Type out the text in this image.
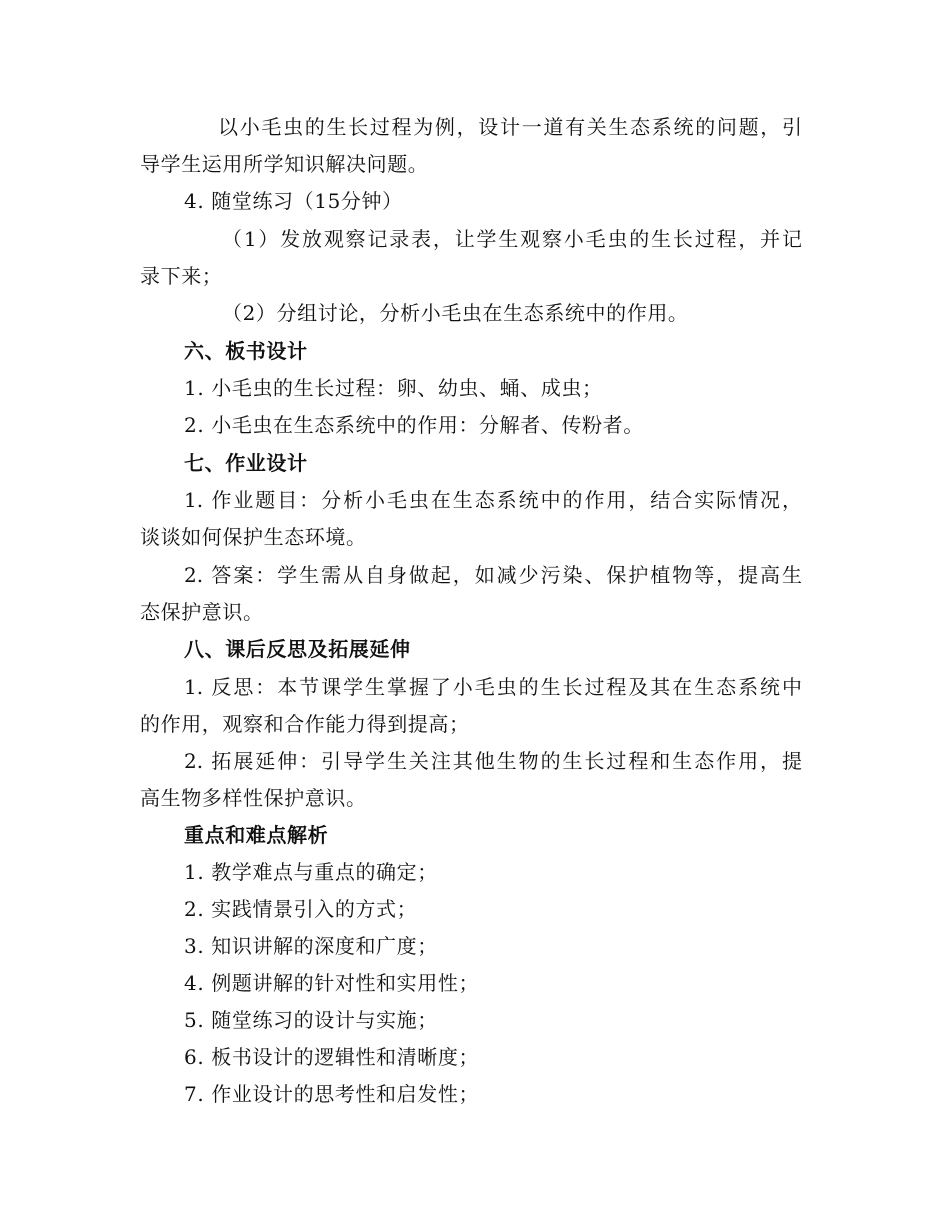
以小毛虫的生长过程为例，设计一道有关生态系统的问题，引
导学生运用所学知识解决问题。
4. 随堂练习（15分钟）
（1）发放观察记录表，让学生观察小毛虫的生长过程，并记
录下来；
（2）分组讨论，分析小毛虫在生态系统中的作用。
六、板书设计
1. 小毛虫的生长过程：卵、幼虫、蛹、成虫；
2. 小毛虫在生态系统中的作用：分解者、传粉者。
七、作业设计
1. 作业题目：分析小毛虫在生态系统中的作用，结合实际情况，
谈谈如何保护生态环境。
2. 答案：学生需从自身做起，如减少污染、保护植物等，提高生
态保护意识。
八、课后反思及拓展延伸
1. 反思：本节课学生掌握了小毛虫的生长过程及其在生态系统中
的作用，观察和合作能力得到提高；
2. 拓展延伸：引导学生关注其他生物的生长过程和生态作用，提
高生物多样性保护意识。
重点和难点解析
1. 教学难点与重点的确定；
2. 实践情景引入的方式；
3. 知识讲解的深度和广度；
4. 例题讲解的针对性和实用性；
5. 随堂练习的设计与实施；
6. 板书设计的逻辑性和清晰度；
7. 作业设计的思考性和启发性；
